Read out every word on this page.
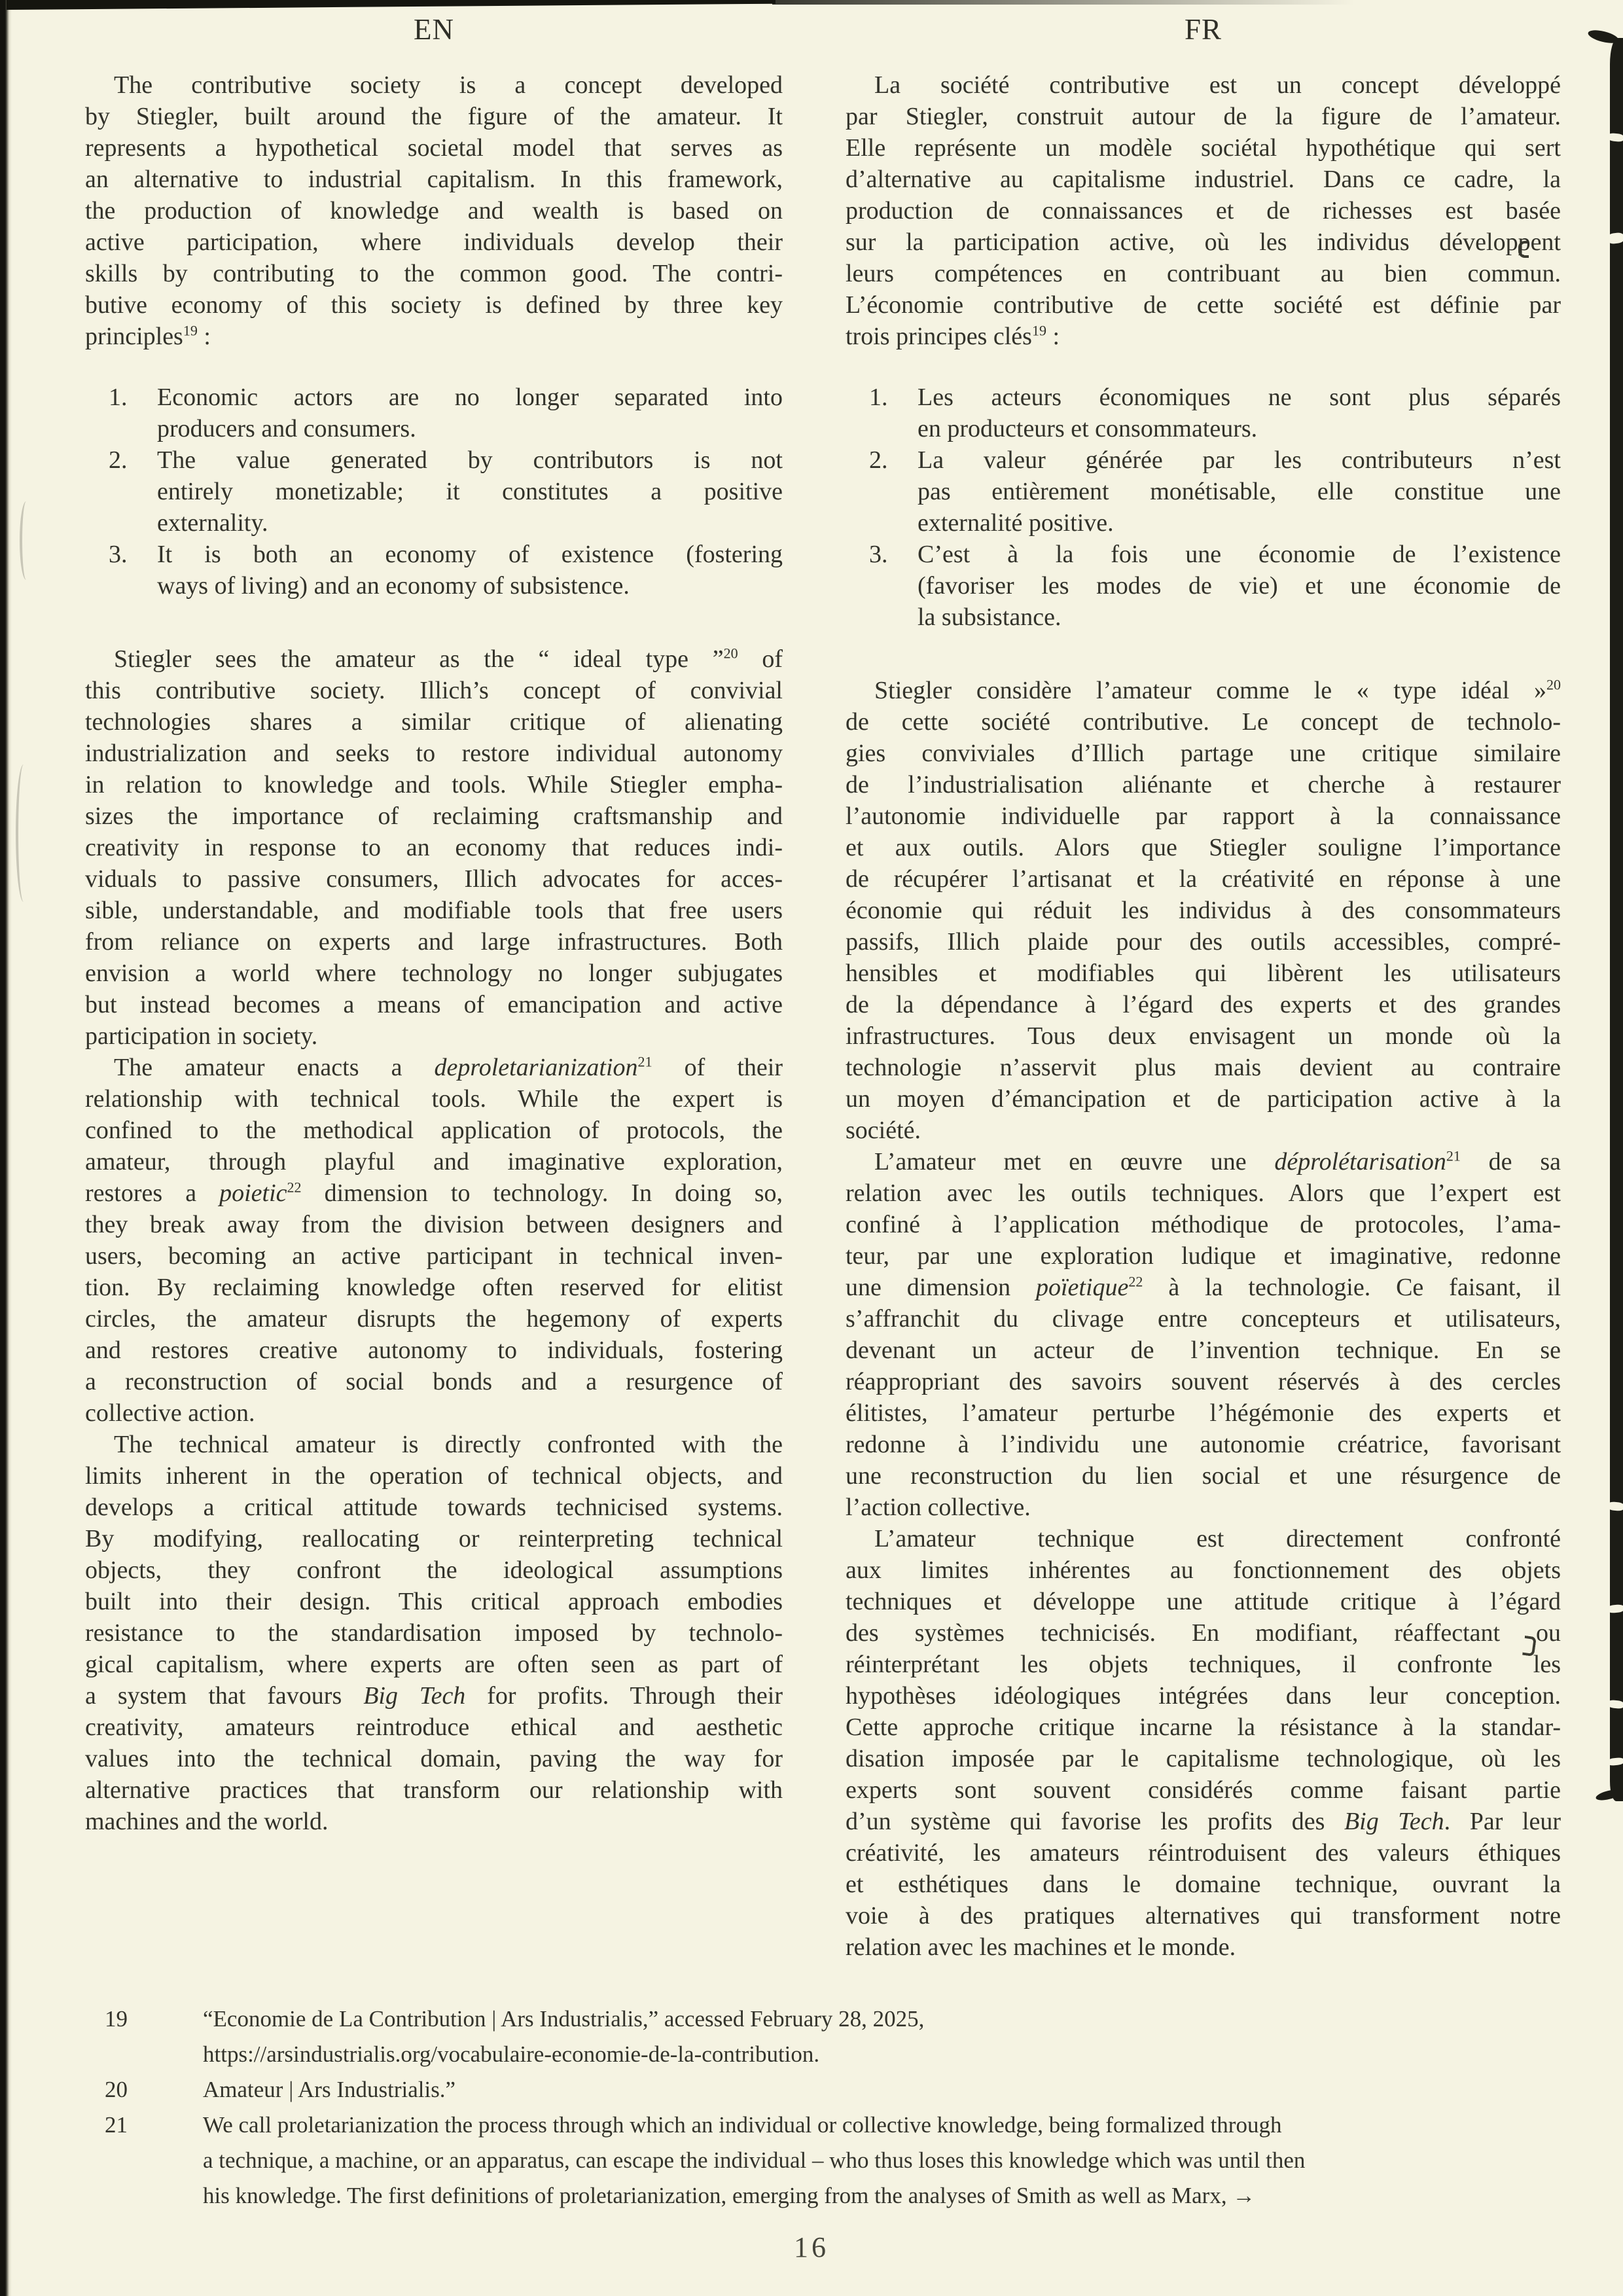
EN	FR
The contributive society is a concept developed
by Stiegler, built around the figure of the amateur. It
represents a hypothetical societal model that serves as
an alternative to industrial capitalism. In this framework,
the production of knowledge and wealth is based on
active participation, where individuals develop their
skills by contributing to the common good. The contri-
butive economy of this society is defined by three key
principles$^{19}$ :
1. Economic actors are no longer separated into
producers and consumers.
2. The value generated by contributors is not
entirely monetizable; it constitutes a positive
externality.
3. It is both an economy of existence (fostering
ways of living) and an economy of subsistence.
Stiegler sees the amateur as the “ ideal type ”$^{20}$ of
this contributive society. Illich’s concept of convivial
technologies shares a similar critique of alienating
industrialization and seeks to restore individual autonomy
in relation to knowledge and tools. While Stiegler empha-
sizes the importance of reclaiming craftsmanship and
creativity in response to an economy that reduces indi-
viduals to passive consumers, Illich advocates for acces-
sible, understandable, and modifiable tools that free users
from reliance on experts and large infrastructures. Both
envision a world where technology no longer subjugates
but instead becomes a means of emancipation and active
participation in society.
The amateur enacts a deproletarianization$^{21}$ of their
relationship with technical tools. While the expert is
confined to the methodical application of protocols, the
amateur, through playful and imaginative exploration,
restores a poietic$^{22}$ dimension to technology. In doing so,
they break away from the division between designers and
users, becoming an active participant in technical inven-
tion. By reclaiming knowledge often reserved for elitist
circles, the amateur disrupts the hegemony of experts
and restores creative autonomy to individuals, fostering
a reconstruction of social bonds and a resurgence of
collective action.
The technical amateur is directly confronted with the
limits inherent in the operation of technical objects, and
develops a critical attitude towards technicised systems.
By modifying, reallocating or reinterpreting technical
objects, they confront the ideological assumptions
built into their design. This critical approach embodies
resistance to the standardisation imposed by technolo-
gical capitalism, where experts are often seen as part of
a system that favours Big Tech for profits. Through their
creativity, amateurs reintroduce ethical and aesthetic
values into the technical domain, paving the way for
alternative practices that transform our relationship with
machines and the world.
La société contributive est un concept développé
par Stiegler, construit autour de la figure de l’amateur.
Elle représente un modèle sociétal hypothétique qui sert
d’alternative au capitalisme industriel. Dans ce cadre, la
production de connaissances et de richesses est basée
sur la participation active, où les individus développent
leurs compétences en contribuant au bien commun.
L’économie contributive de cette société est définie par
trois principes clés$^{19}$ :
1. Les acteurs économiques ne sont plus séparés
en producteurs et consommateurs.
2. La valeur générée par les contributeurs n’est
pas entièrement monétisable, elle constitue une
externalité positive.
3. C’est à la fois une économie de l’existence
(favoriser les modes de vie) et une économie de
la subsistance.
Stiegler considère l’amateur comme le « type idéal »$^{20}$
de cette société contributive. Le concept de technolo-
gies conviviales d’Illich partage une critique similaire
de l’industrialisation aliénante et cherche à restaurer
l’autonomie individuelle par rapport à la connaissance
et aux outils. Alors que Stiegler souligne l’importance
de récupérer l’artisanat et la créativité en réponse à une
économie qui réduit les individus à des consommateurs
passifs, Illich plaide pour des outils accessibles, compré-
hensibles et modifiables qui libèrent les utilisateurs
de la dépendance à l’égard des experts et des grandes
infrastructures. Tous deux envisagent un monde où la
technologie n’asservit plus mais devient au contraire
un moyen d’émancipation et de participation active à la
société.
L’amateur met en œuvre une déprolétarisation$^{21}$ de sa
relation avec les outils techniques. Alors que l’expert est
confiné à l’application méthodique de protocoles, l’ama-
teur, par une exploration ludique et imaginative, redonne
une dimension poïetique$^{22}$ à la technologie. Ce faisant, il
s’affranchit du clivage entre concepteurs et utilisateurs,
devenant un acteur de l’invention technique. En se
réappropriant des savoirs souvent réservés à des cercles
élitistes, l’amateur perturbe l’hégémonie des experts et
redonne à l’individu une autonomie créatrice, favorisant
une reconstruction du lien social et une résurgence de
l’action collective.
L’amateur technique est directement confronté
aux limites inhérentes au fonctionnement des objets
techniques et développe une attitude critique à l’égard
des systèmes technicisés. En modifiant, réaffectant ou
réinterprétant les objets techniques, il confronte les
hypothèses idéologiques intégrées dans leur conception.
Cette approche critique incarne la résistance à la standar-
disation imposée par le capitalisme technologique, où les
experts sont souvent considérés comme faisant partie
d’un système qui favorise les profits des Big Tech. Par leur
créativité, les amateurs réintroduisent des valeurs éthiques
et esthétiques dans le domaine technique, ouvrant la
voie à des pratiques alternatives qui transforment notre
relation avec les machines et le monde.
19	“Economie de La Contribution | Ars Industrialis,” accessed February 28, 2025,
https://arsindustrialis.org/vocabulaire-economie-de-la-contribution.
20	Amateur | Ars Industrialis.”
21	We call proletarianization the process through which an individual or collective knowledge, being formalized through
a technique, a machine, or an apparatus, can escape the individual – who thus loses this knowledge which was until then
his knowledge. The first definitions of proletarianization, emerging from the analyses of Smith as well as Marx, →
16
